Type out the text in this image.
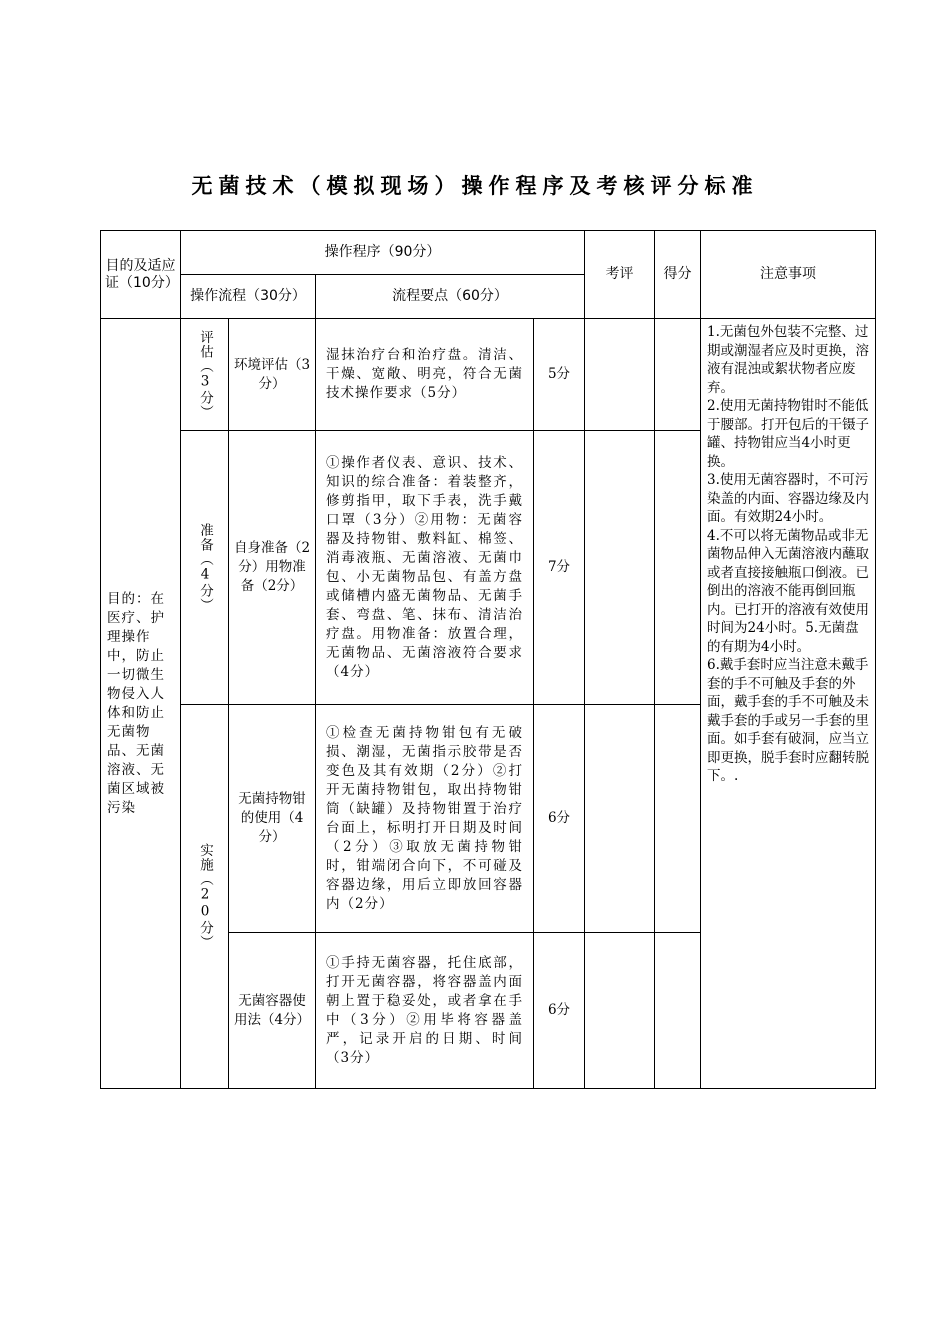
无菌技术（模拟现场）操作程序及考核评分标准
目的及适应证（10分）	操作程序（90分）				考评	得分	注意事项
	操作流程（30分）		流程要点（60分）				
目的：在医疗、护理操作中，防止一切微生物侵入人体和防止无菌物品、无菌溶液、无菌区域被污染	评估（3分）	环境评估（3分）	湿抹治疗台和治疗盘。清洁、干燥、宽敞、明亮，符合无菌技术操作要求（5分）	5分			1.无菌包外包装不完整、过期或潮湿者应及时更换，溶液有混浊或絮状物者应废弃。
2.使用无菌持物钳时不能低于腰部。打开包后的干镊子罐、持物钳应当4小时更换。
3.使用无菌容器时，不可污染盖的内面、容器边缘及内面。有效期24小时。
4.不可以将无菌物品或非无菌物品伸入无菌溶液内蘸取或者直接接触瓶口倒液。已倒出的溶液不能再倒回瓶内。已打开的溶液有效使用时间为24小时。5.无菌盘的有期为4小时。
6.戴手套时应当注意未戴手套的手不可触及手套的外面，戴手套的手不可触及未戴手套的手或另一手套的里面。如手套有破洞，应当立即更换，脱手套时应翻转脱下。.

	准备（4分）	自身准备（2分）用物准备（2分）	①操作者仪表、意识、技术、知识的综合准备：着装整齐，修剪指甲，取下手表，洗手戴口罩（3分）②用物：无菌容器及持物钳、敷料缸、棉签、消毒液瓶、无菌溶液、无菌巾包、小无菌物品包、有盖方盘或储槽内盛无菌物品、无菌手套、弯盘、笔、抹布、清洁治疗盘。用物准备：放置合理，无菌物品、无菌溶液符合要求（4分）	7分			

	实施（20分）	无菌持物钳的使用（4分）	①检查无菌持物钳包有无破损、潮湿，无菌指示胶带是否变色及其有效期（2分）②打开无菌持物钳包，取出持物钳筒（缺罐）及持物钳置于治疗台面上，标明打开日期及时间（2分）③取放无菌持物钳时，钳端闭合向下，不可碰及容器边缘，用后立即放回容器内（2分）	6分			
		无菌容器使用法（4分）	①手持无菌容器，托住底部，打开无菌容器，将容器盖内面朝上置于稳妥处，或者拿在手中（3分）②用毕将容器盖严，记录开启的日期、时间（3分）	6分			
